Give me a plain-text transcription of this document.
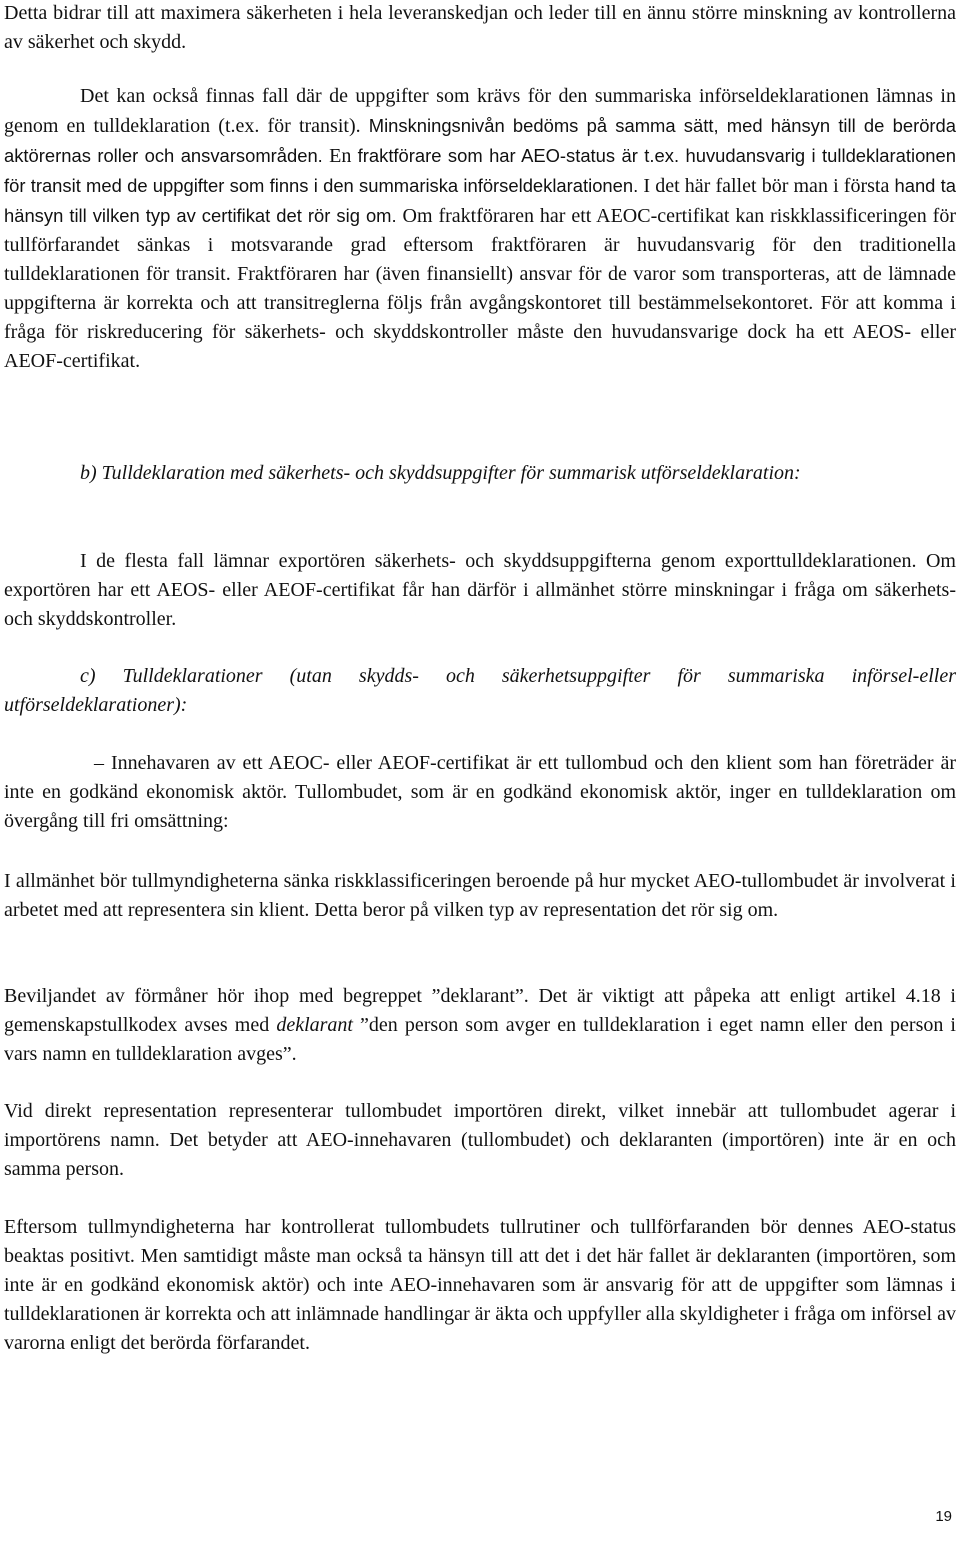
Detta bidrar till att maximera säkerheten i hela leveranskedjan och leder till en ännu större minskning av kontrollerna av säkerhet och skydd.

Det kan också finnas fall där de uppgifter som krävs för den summariska införseldeklarationen lämnas in genom en tulldeklaration (t.ex. för transit). Minskningsnivån bedöms på samma sätt, med hänsyn till de berörda aktörernas roller och ansvarsområden. En fraktförare som har AEO-status är t.ex. huvudansvarig i tulldeklarationen för transit med de uppgifter som finns i den summariska införseldeklarationen. I det här fallet bör man i första hand ta hänsyn till vilken typ av certifikat det rör sig om. Om fraktföraren har ett AEOC-certifikat kan riskklassificeringen för tullförfarandet sänkas i motsvarande grad eftersom fraktföraren är huvudansvarig för den traditionella tulldeklarationen för transit. Fraktföraren har (även finansiellt) ansvar för de varor som transporteras, att de lämnade uppgifterna är korrekta och att transitreglerna följs från avgångskontoret till bestämmelsekontoret. För att komma i fråga för riskreducering för säkerhets- och skyddskontroller måste den huvudansvarige dock ha ett AEOS- eller AEOF-certifikat.

b) Tulldeklaration med säkerhets- och skyddsuppgifter för summarisk utförseldeklaration:

I de flesta fall lämnar exportören säkerhets- och skyddsuppgifterna genom exporttulldeklarationen. Om exportören har ett AEOS- eller AEOF-certifikat får han därför i allmänhet större minskningar i fråga om säkerhets- och skyddskontroller.

c) Tulldeklarationer (utan skydds- och säkerhetsuppgifter för summariska införsel-eller utförseldeklarationer):

– Innehavaren av ett AEOC- eller AEOF-certifikat är ett tullombud och den klient som han företräder är inte en godkänd ekonomisk aktör. Tullombudet, som är en godkänd ekonomisk aktör, inger en tulldeklaration om övergång till fri omsättning:

I allmänhet bör tullmyndigheterna sänka riskklassificeringen beroende på hur mycket AEO-tullombudet är involverat i arbetet med att representera sin klient. Detta beror på vilken typ av representation det rör sig om.

Beviljandet av förmåner hör ihop med begreppet ”deklarant”. Det är viktigt att påpeka att enligt artikel 4.18 i gemenskapstullkodex avses med deklarant ”den person som avger en tulldeklaration i eget namn eller den person i vars namn en tulldeklaration avges”.

Vid direkt representation representerar tullombudet importören direkt, vilket innebär att tullombudet agerar i importörens namn. Det betyder att AEO-innehavaren (tullombudet) och deklaranten (importören) inte är en och samma person.

Eftersom tullmyndigheterna har kontrollerat tullombudets tullrutiner och tullförfaranden bör dennes AEO-status beaktas positivt. Men samtidigt måste man också ta hänsyn till att det i det här fallet är deklaranten (importören, som inte är en godkänd ekonomisk aktör) och inte AEO-innehavaren som är ansvarig för att de uppgifter som lämnas i tulldeklarationen är korrekta och att inlämnade handlingar är äkta och uppfyller alla skyldigheter i fråga om införsel av varorna enligt det berörda förfarandet.

19
